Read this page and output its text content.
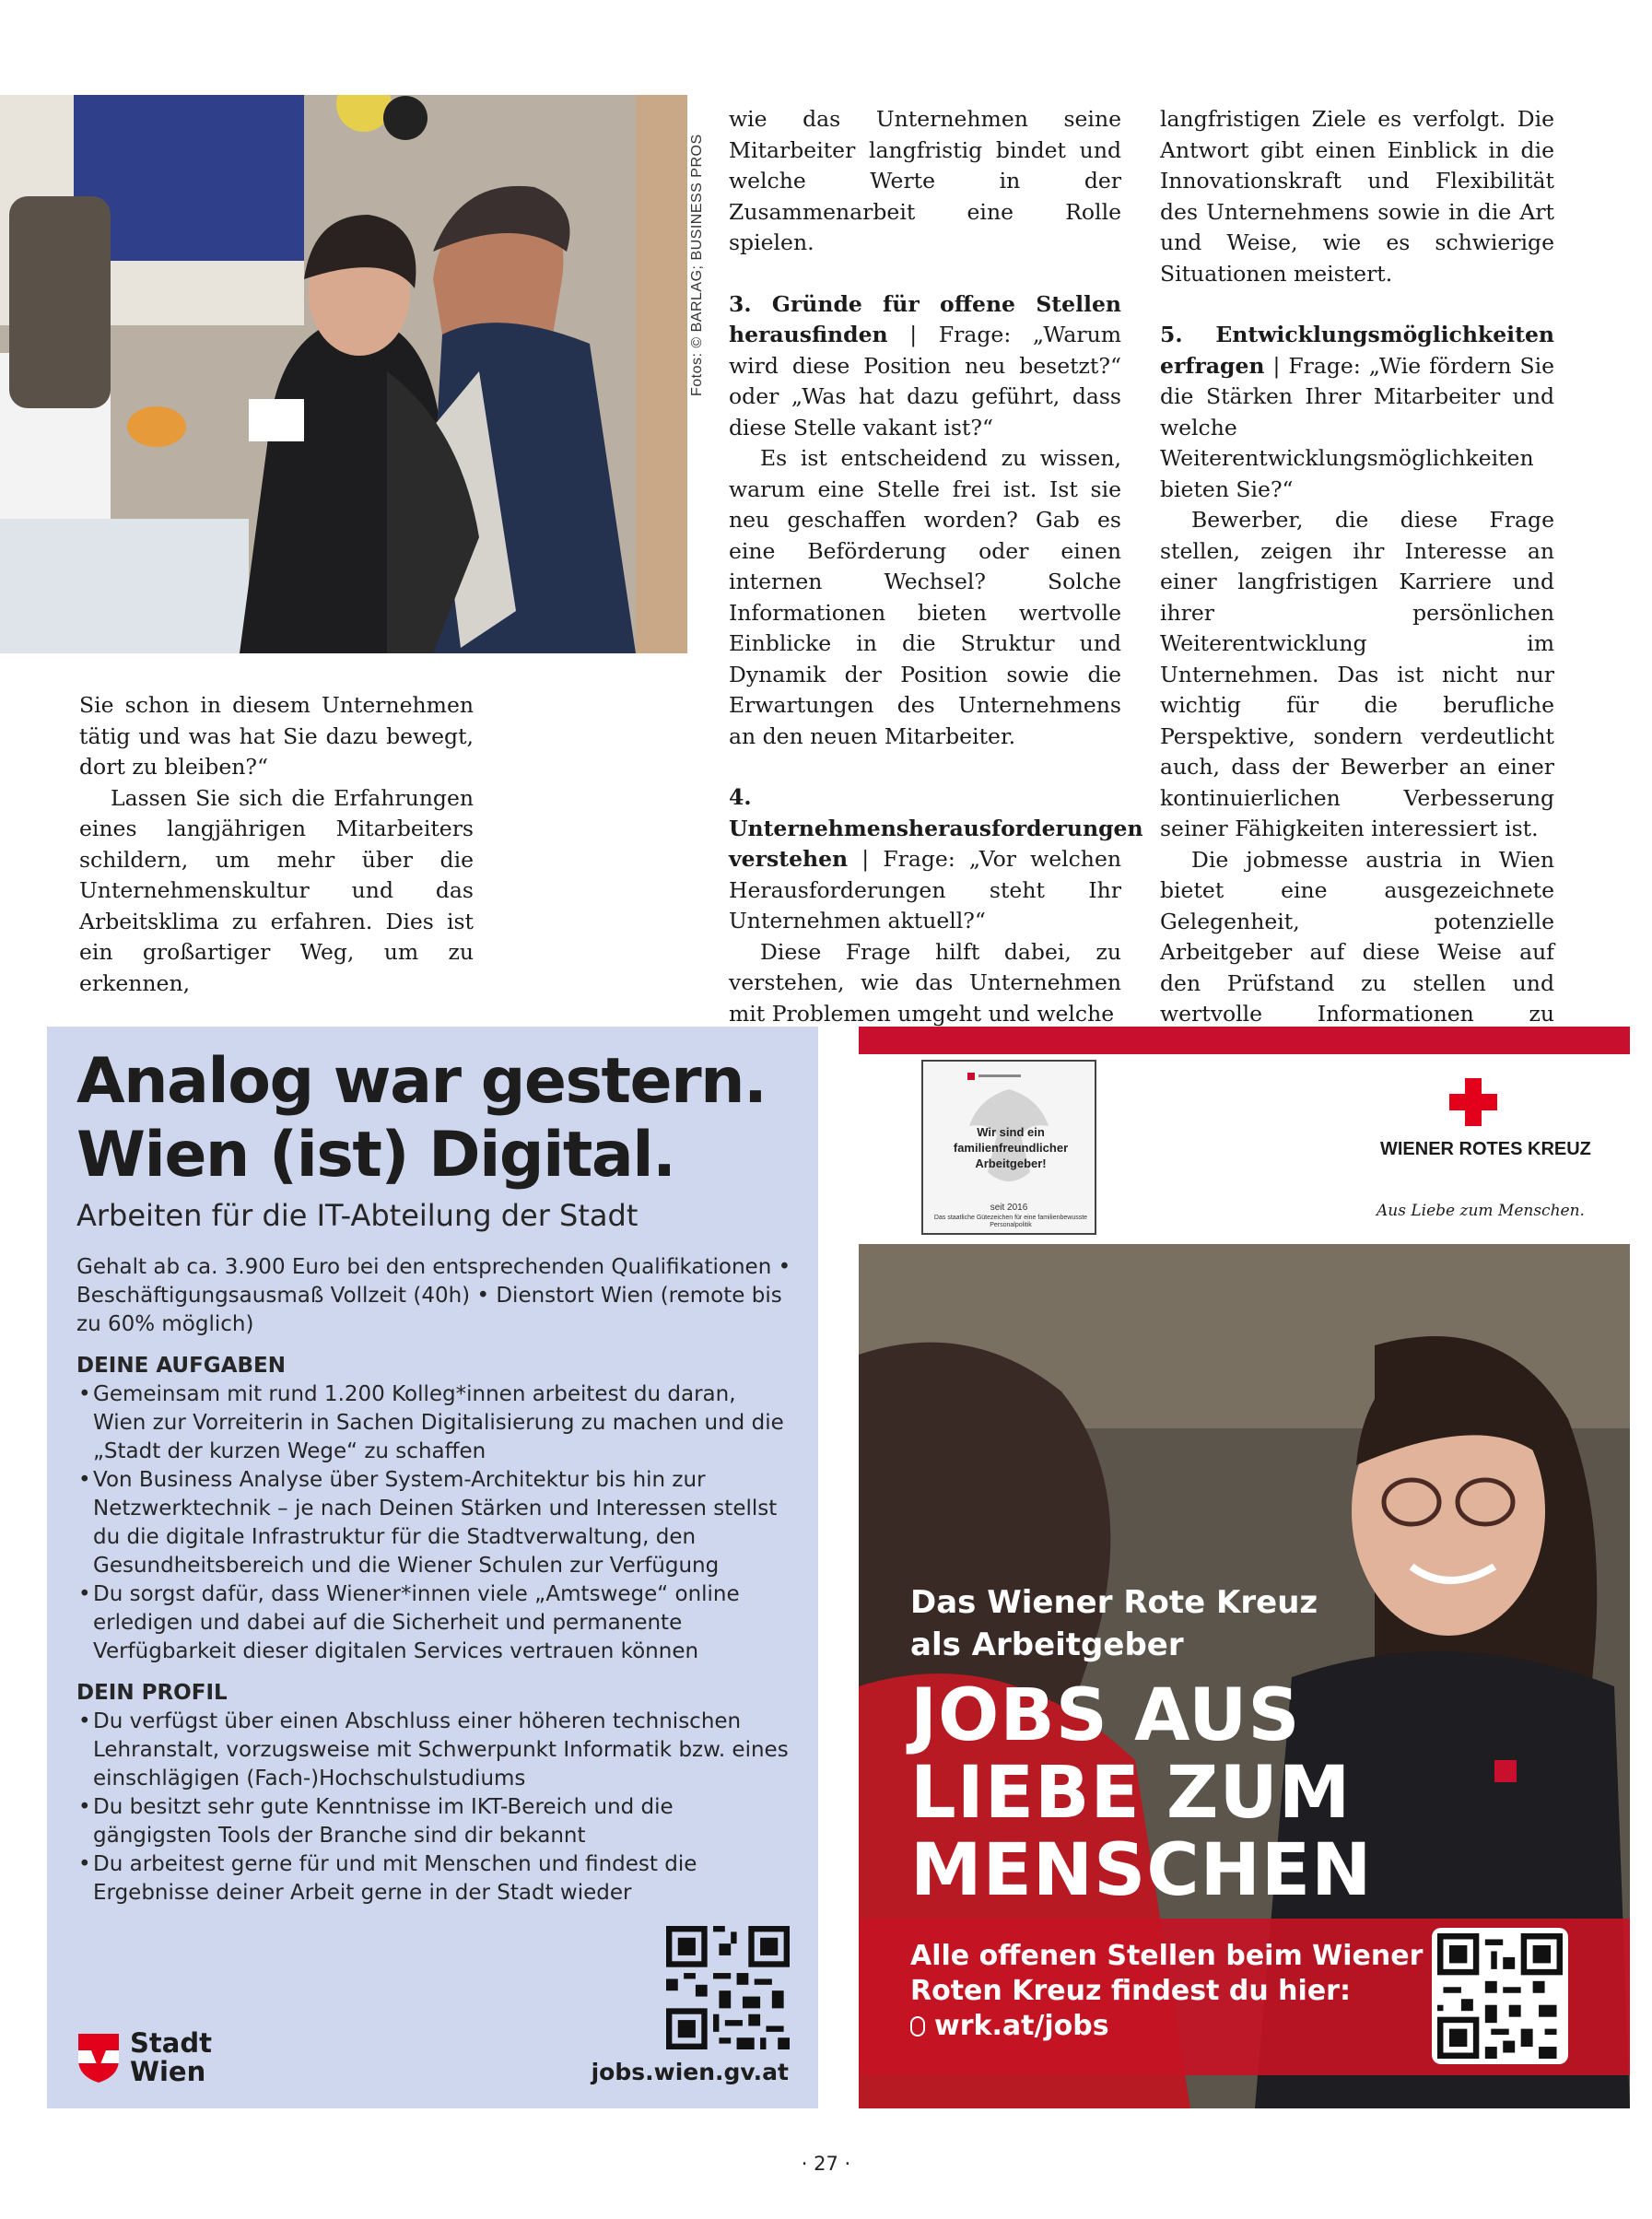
Fotos: © BARLAG; BUSINESS PROS

Sie schon in diesem Unternehmen tätig und was hat Sie dazu bewegt, dort zu bleiben?“

Lassen Sie sich die Erfahrungen eines langjährigen Mitarbeiters schildern, um mehr über die Unternehmenskultur und das Arbeitsklima zu erfahren. Dies ist ein großartiger Weg, um zu erkennen,

wie das Unternehmen seine Mitarbeiter langfristig bindet und welche Werte in der Zusammenarbeit eine Rolle spielen.

3. Gründe für offene Stellen herausfinden | Frage: „Warum wird diese Position neu besetzt?“ oder „Was hat dazu geführt, dass diese Stelle vakant ist?“

Es ist entscheidend zu wissen, warum eine Stelle frei ist. Ist sie neu geschaffen worden? Gab es eine Beförderung oder einen internen Wechsel? Solche Informationen bieten wertvolle Einblicke in die Struktur und Dynamik der Position sowie die Erwartungen des Unternehmens an den neuen Mitarbeiter.

4. Unternehmensherausforderungen verstehen | Frage: „Vor welchen Herausforderungen steht Ihr Unternehmen aktuell?“

Diese Frage hilft dabei, zu verstehen, wie das Unternehmen mit Problemen umgeht und welche

langfristigen Ziele es verfolgt. Die Antwort gibt einen Einblick in die Innovationskraft und Flexibilität des Unternehmens sowie in die Art und Weise, wie es schwierige Situationen meistert.

5. Entwicklungsmöglichkeiten erfragen | Frage: „Wie fördern Sie die Stärken Ihrer Mitarbeiter und welche Weiterentwicklungsmöglichkeiten bieten Sie?“

Bewerber, die diese Frage stellen, zeigen ihr Interesse an einer langfristigen Karriere und ihrer persönlichen Weiterentwicklung im Unternehmen. Das ist nicht nur wichtig für die berufliche Perspektive, sondern verdeutlicht auch, dass der Bewerber an einer kontinuierlichen Verbesserung seiner Fähigkeiten interessiert ist.

Die jobmesse austria in Wien bietet eine ausgezeichnete Gelegenheit, potenzielle Arbeitgeber auf diese Weise auf den Prüfstand zu stellen und wertvolle Informationen zu

Analog war gestern.
Wien (ist) Digital.
Arbeiten für die IT-Abteilung der Stadt
Gehalt ab ca. 3.900 Euro bei den entsprechenden Qualifikationen • Beschäftigungsausmaß Vollzeit (40h) • Dienstort Wien (remote bis zu 60% möglich)
DEINE AUFGABEN
• Gemeinsam mit rund 1.200 Kolleg*innen arbeitest du daran, Wien zur Vorreiterin in Sachen Digitalisierung zu machen und die „Stadt der kurzen Wege“ zu schaffen
• Von Business Analyse über System-Architektur bis hin zur Netzwerktechnik – je nach Deinen Stärken und Interessen stellst du die digitale Infrastruktur für die Stadtverwaltung, den Gesundheitsbereich und die Wiener Schulen zur Verfügung
• Du sorgst dafür, dass Wiener*innen viele „Amtswege“ online erledigen und dabei auf die Sicherheit und permanente Verfügbarkeit dieser digitalen Services vertrauen können
DEIN PROFIL
• Du verfügst über einen Abschluss einer höheren technischen Lehranstalt, vorzugsweise mit Schwerpunkt Informatik bzw. eines einschlägigen (Fach-)Hochschulstudiums
• Du besitzt sehr gute Kenntnisse im IKT-Bereich und die gängigsten Tools der Branche sind dir bekannt
• Du arbeitest gerne für und mit Menschen und findest die Ergebnisse deiner Arbeit gerne in der Stadt wieder
Stadt
Wien	jobs.wien.gv.at
Wir sind ein familienfreundlicher Arbeitgeber!
seit 2016
Das staatliche Gütezeichen für eine familienbewusste Personalpolitik
WIENER ROTES KREUZ
Aus Liebe zum Menschen.
Das Wiener Rote Kreuz
als Arbeitgeber
JOBS AUS
LIEBE ZUM
MENSCHEN
Alle offenen Stellen beim Wiener
Roten Kreuz findest du hier:
wrk.at/jobs
· 27 ·
